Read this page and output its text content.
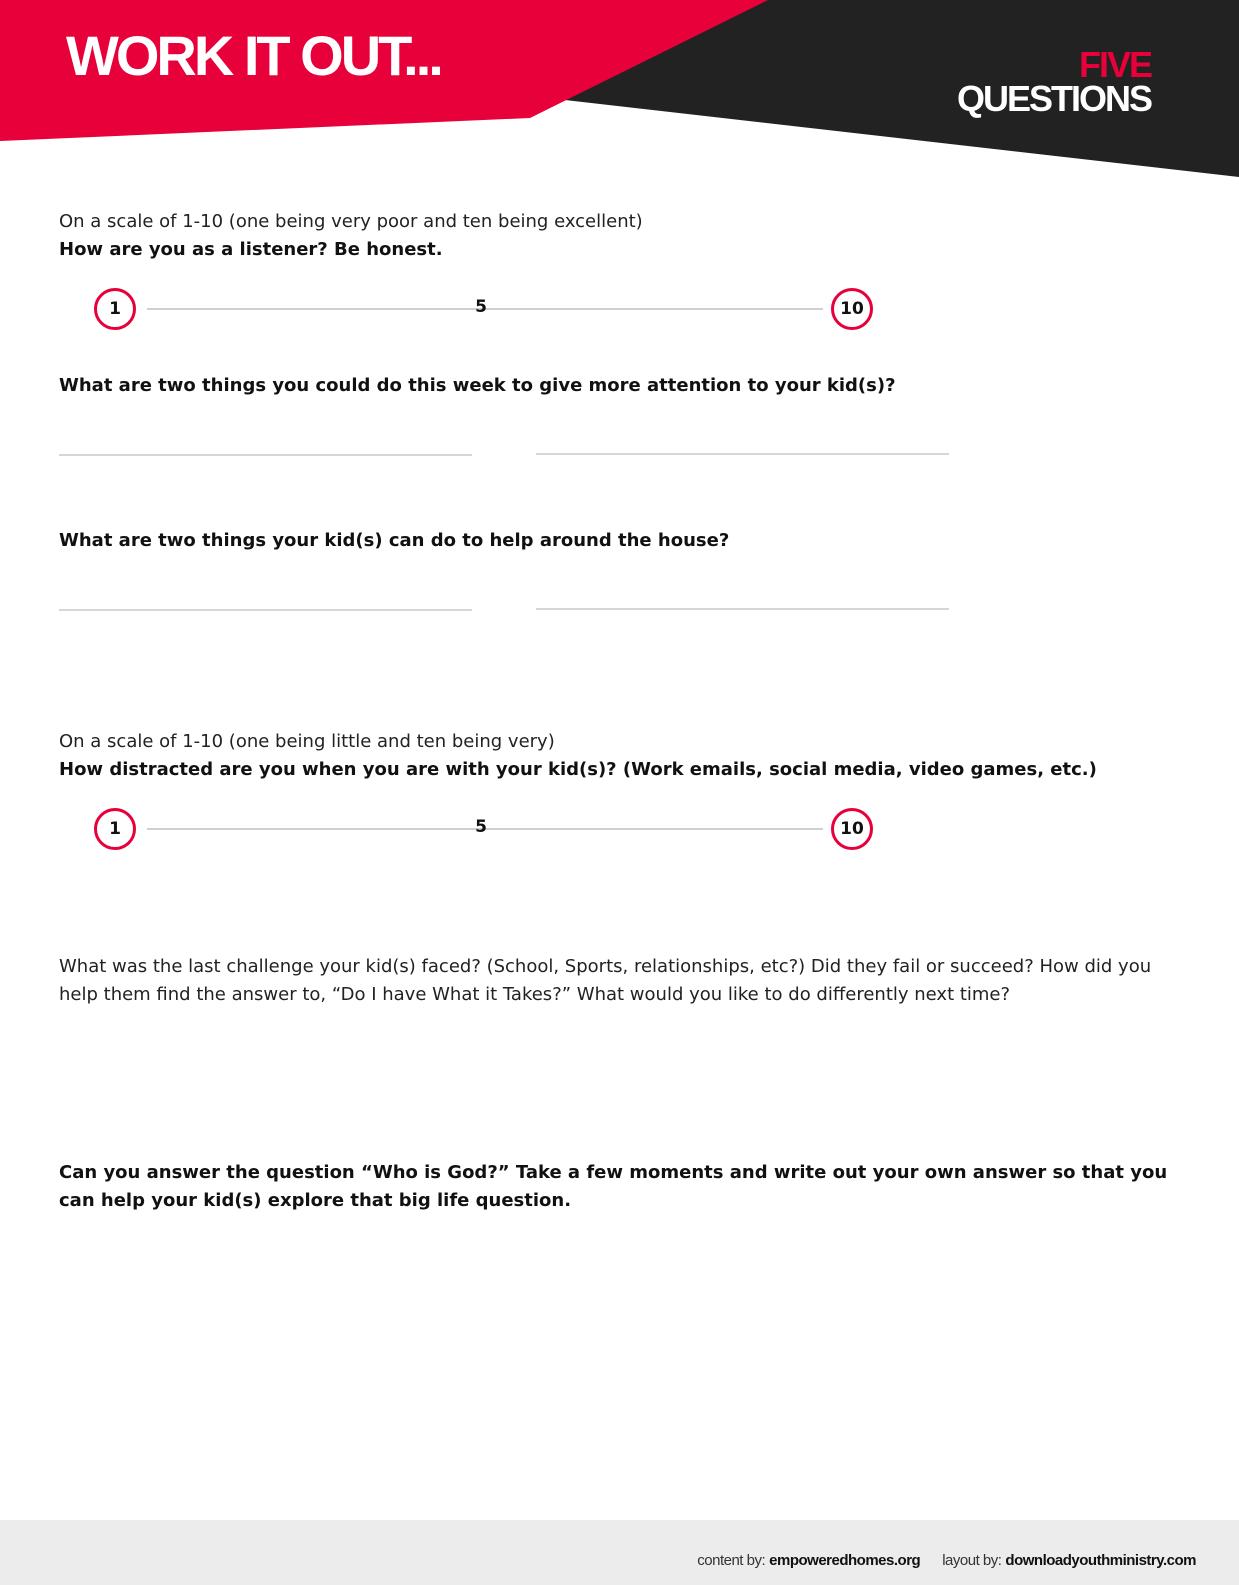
WORK IT OUT...	FIVE
QUESTIONS
On a scale of 1-10 (one being very poor and ten being excellent)
How are you as a listener? Be honest.
1	5	10
What are two things you could do this week to give more attention to your kid(s)?
What are two things your kid(s) can do to help around the house?
On a scale of 1-10 (one being little and ten being very)
How distracted are you when you are with your kid(s)? (Work emails, social media, video games, etc.)
1	5	10
What was the last challenge your kid(s) faced? (School, Sports, relationships, etc?) Did they fail or succeed? How did you help them find the answer to, “Do I have What it Takes?” What would you like to do differently next time?
Can you answer the question “Who is God?” Take a few moments and write out your own answer so that you can help your kid(s) explore that big life question.
content by: empoweredhomes.org layout by: downloadyouthministry.com
